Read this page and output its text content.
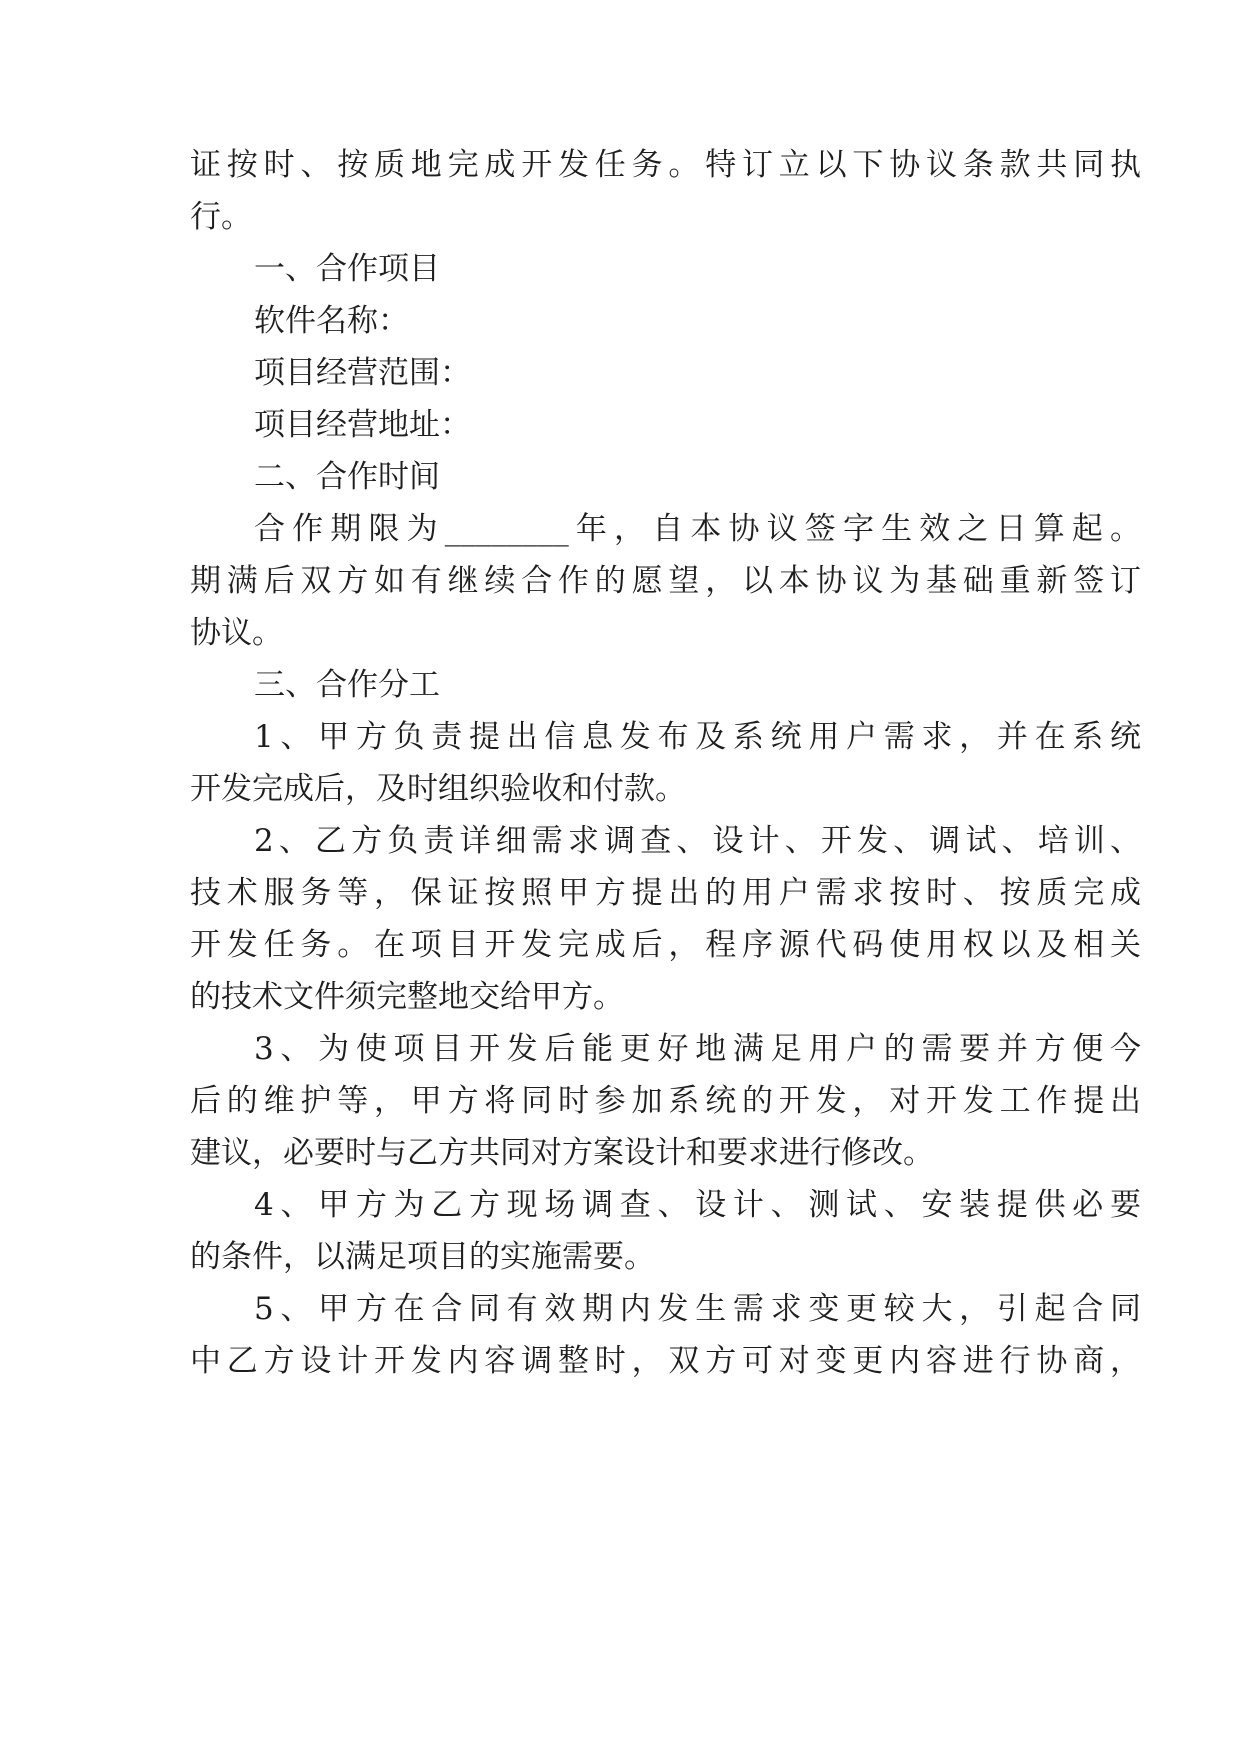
证按时、按质地完成开发任务。特订立以下协议条款共同执
行。
一、合作项目
软件名称：
项目经营范围：
项目经营地址：
二、合作时间
合作期限为________年，自本协议签字生效之日算起。
期满后双方如有继续合作的愿望，以本协议为基础重新签订
协议。
三、合作分工
1、甲方负责提出信息发布及系统用户需求，并在系统
开发完成后，及时组织验收和付款。
2、乙方负责详细需求调查、设计、开发、调试、培训、
技术服务等，保证按照甲方提出的用户需求按时、按质完成
开发任务。在项目开发完成后，程序源代码使用权以及相关
的技术文件须完整地交给甲方。
3、为使项目开发后能更好地满足用户的需要并方便今
后的维护等，甲方将同时参加系统的开发，对开发工作提出
建议，必要时与乙方共同对方案设计和要求进行修改。
4、甲方为乙方现场调查、设计、测试、安装提供必要
的条件，以满足项目的实施需要。
5、甲方在合同有效期内发生需求变更较大，引起合同
中乙方设计开发内容调整时，双方可对变更内容进行协商，
